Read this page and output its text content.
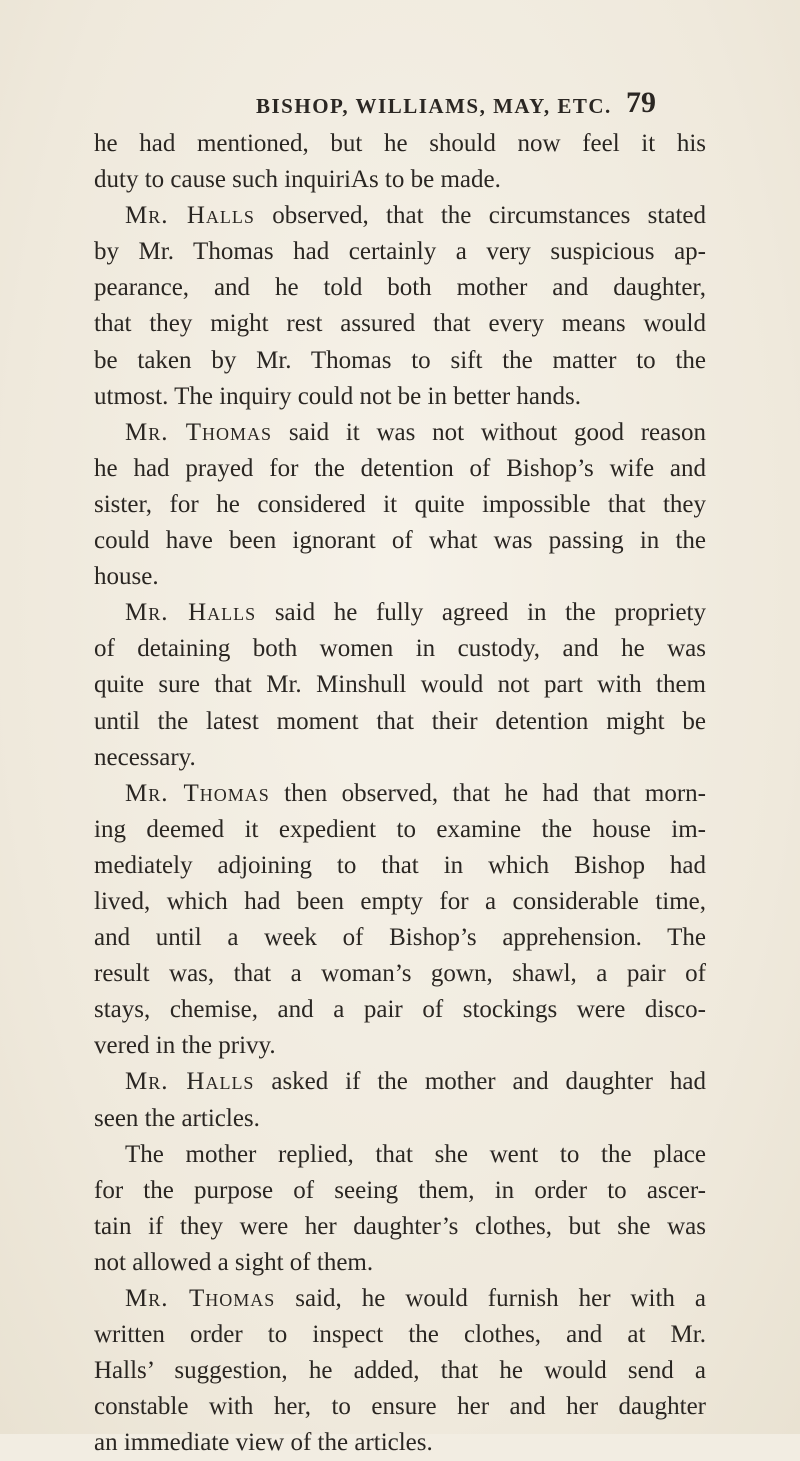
BISHOP, WILLIAMS, MAY, ETC. 79
he had mentioned, but he should now feel it his
duty to cause such inquiriAs to be made.
Mr. Halls observed, that the circumstances stated
by Mr. Thomas had certainly a very suspicious ap-
pearance, and he told both mother and daughter,
that they might rest assured that every means would
be taken by Mr. Thomas to sift the matter to the
utmost. The inquiry could not be in better hands.
Mr. Thomas said it was not without good reason
he had prayed for the detention of Bishop’s wife and
sister, for he considered it quite impossible that they
could have been ignorant of what was passing in the
house.
Mr. Halls said he fully agreed in the propriety
of detaining both women in custody, and he was
quite sure that Mr. Minshull would not part with them
until the latest moment that their detention might be
necessary.
Mr. Thomas then observed, that he had that morn-
ing deemed it expedient to examine the house im-
mediately adjoining to that in which Bishop had
lived, which had been empty for a considerable time,
and until a week of Bishop’s apprehension. The
result was, that a woman’s gown, shawl, a pair of
stays, chemise, and a pair of stockings were disco-
vered in the privy.
Mr. Halls asked if the mother and daughter had
seen the articles.
The mother replied, that she went to the place
for the purpose of seeing them, in order to ascer-
tain if they were her daughter’s clothes, but she was
not allowed a sight of them.
Mr. Thomas said, he would furnish her with a
written order to inspect the clothes, and at Mr.
Halls’ suggestion, he added, that he would send a
constable with her, to ensure her and her daughter
an immediate view of the articles.
